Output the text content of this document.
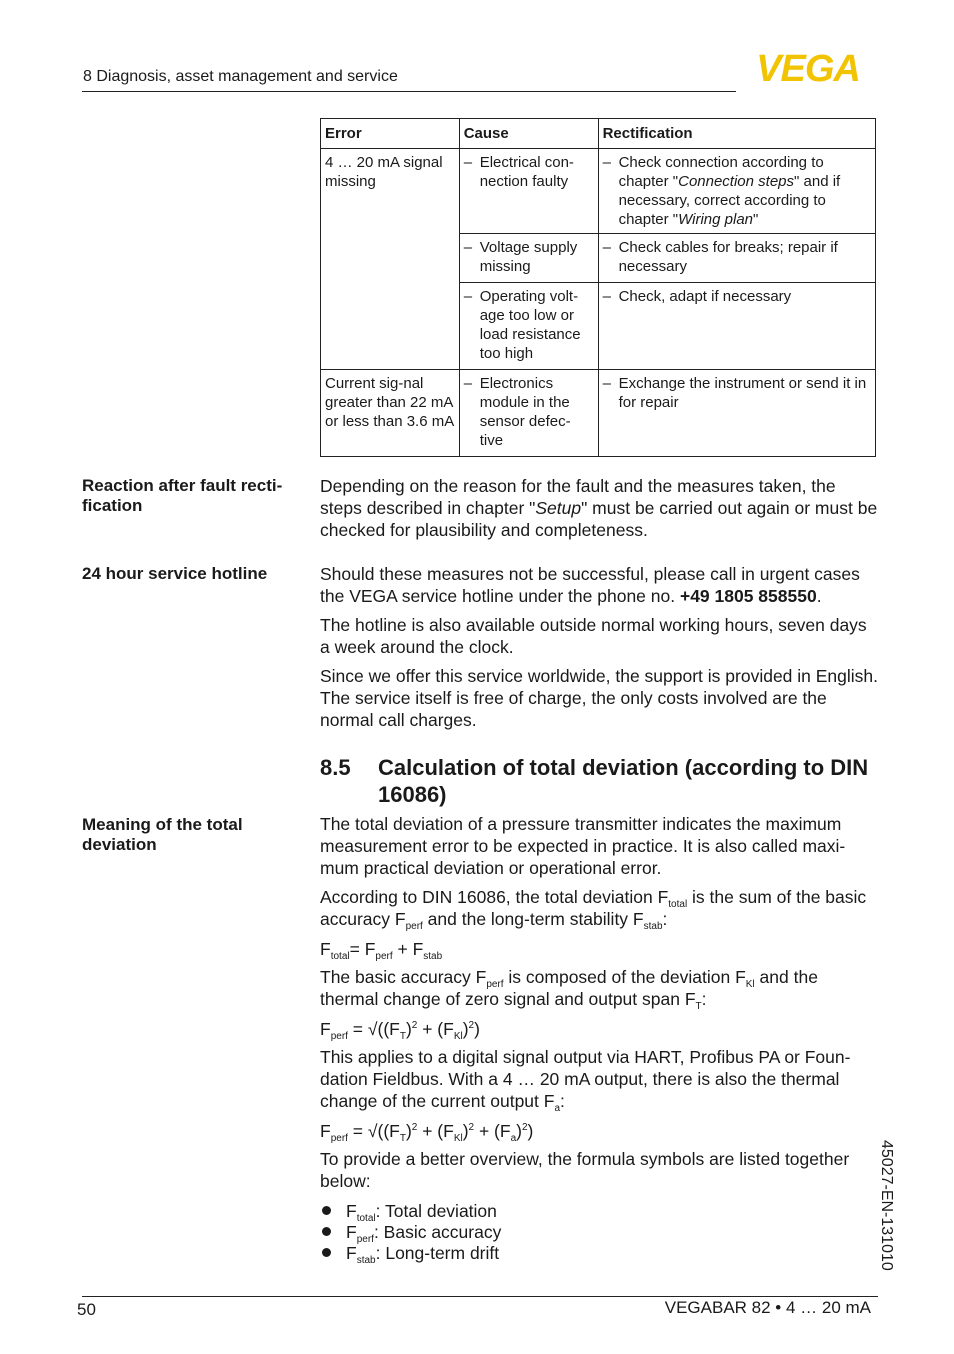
8 Diagnosis, asset management and service	VEGA
Error	Cause	Rectification
4 … 20 mA signal missing	– Electrical con-nection faulty	– Check connection according to chapter "Connection steps" and if necessary, correct according to chapter "Wiring plan"

	– Voltage supply missing	– Check cables for breaks; repair if necessary

	– Operating volt-age too low or load resistance too high	– Check, adapt if necessary

Current sig-nal greater than 22 mA or less than 3.6 mA	– Electronics module in the sensor defec-tive	– Exchange the instrument or send it in for repair
Reaction after fault recti-fication

Depending on the reason for the fault and the measures taken, the steps described in chapter "Setup" must be carried out again or must be checked for plausibility and completeness.

24 hour service hotline	Should these measures not be successful, please call in urgent cases the VEGA service hotline under the phone no. +49 1805 858550.

The hotline is also available outside normal working hours, seven days a week around the clock.

Since we offer this service worldwide, the support is provided in English. The service itself is free of charge, the only costs involved are the normal call charges.

8.5 Calculation of total deviation (according to DIN 16086)
Meaning of the total deviation

The total deviation of a pressure transmitter indicates the maximum measurement error to be expected in practice. It is also called maxi-mum practical deviation or operational error.

According to DIN 16086, the total deviation $F_{total}$ is the sum of the basic accuracy $F_{perf}$ and the long-term stability $F_{stab}$:

$F_{total}= F_{perf} + F_{stab}$

The basic accuracy $F_{perf}$ is composed of the deviation $F_{Kl}$ and the thermal change of zero signal and output span $F_T$:

$F_{perf} = √((F_T)^2 + (F_{Kl})^2)$

This applies to a digital signal output via HART, Profibus PA or Foun-dation Fieldbus. With a 4 … 20 mA output, there is also the thermal change of the current output $F_a$:

$F_{perf} = √((F_T)^2 + (F_{Kl})^2 + (F_a)^2)$

To provide a better overview, the formula symbols are listed together below:

$F_{total}$: Total deviation
$F_{perf}$: Basic accuracy
$F_{stab}$: Long-term drift	45027-EN-131010
50	VEGABAR 82 • 4 … 20 mA
